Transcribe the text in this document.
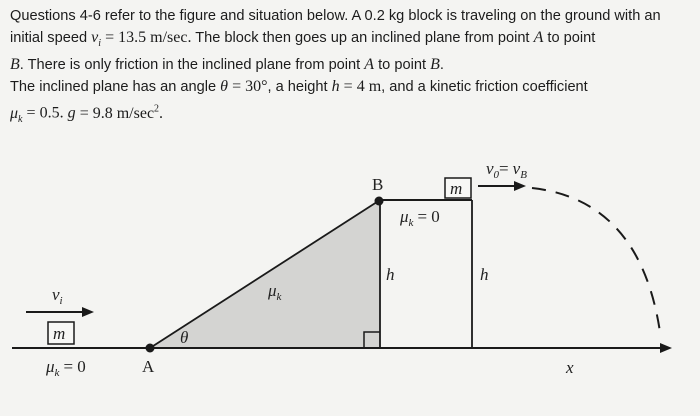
Questions 4-6 refer to the figure and situation below. A 0.2 kg block is traveling on the ground with an initial speed $v_i = 13.5$ m/sec. The block then goes up an inclined plane from point A to point
B. There is only friction in the inclined plane from point A to point B.
The inclined plane has an angle θ = 30°, a height h = 4 m, and a kinetic friction coefficient
$\mu_k = 0.5$. g = 9.8 $m/\sec^2$.

m
m
$v_i$
$v_0= v_B$
h	h
$\mu_k$
$\mu_k = 0$
$\mu_k = 0$
θ
A
B
x
